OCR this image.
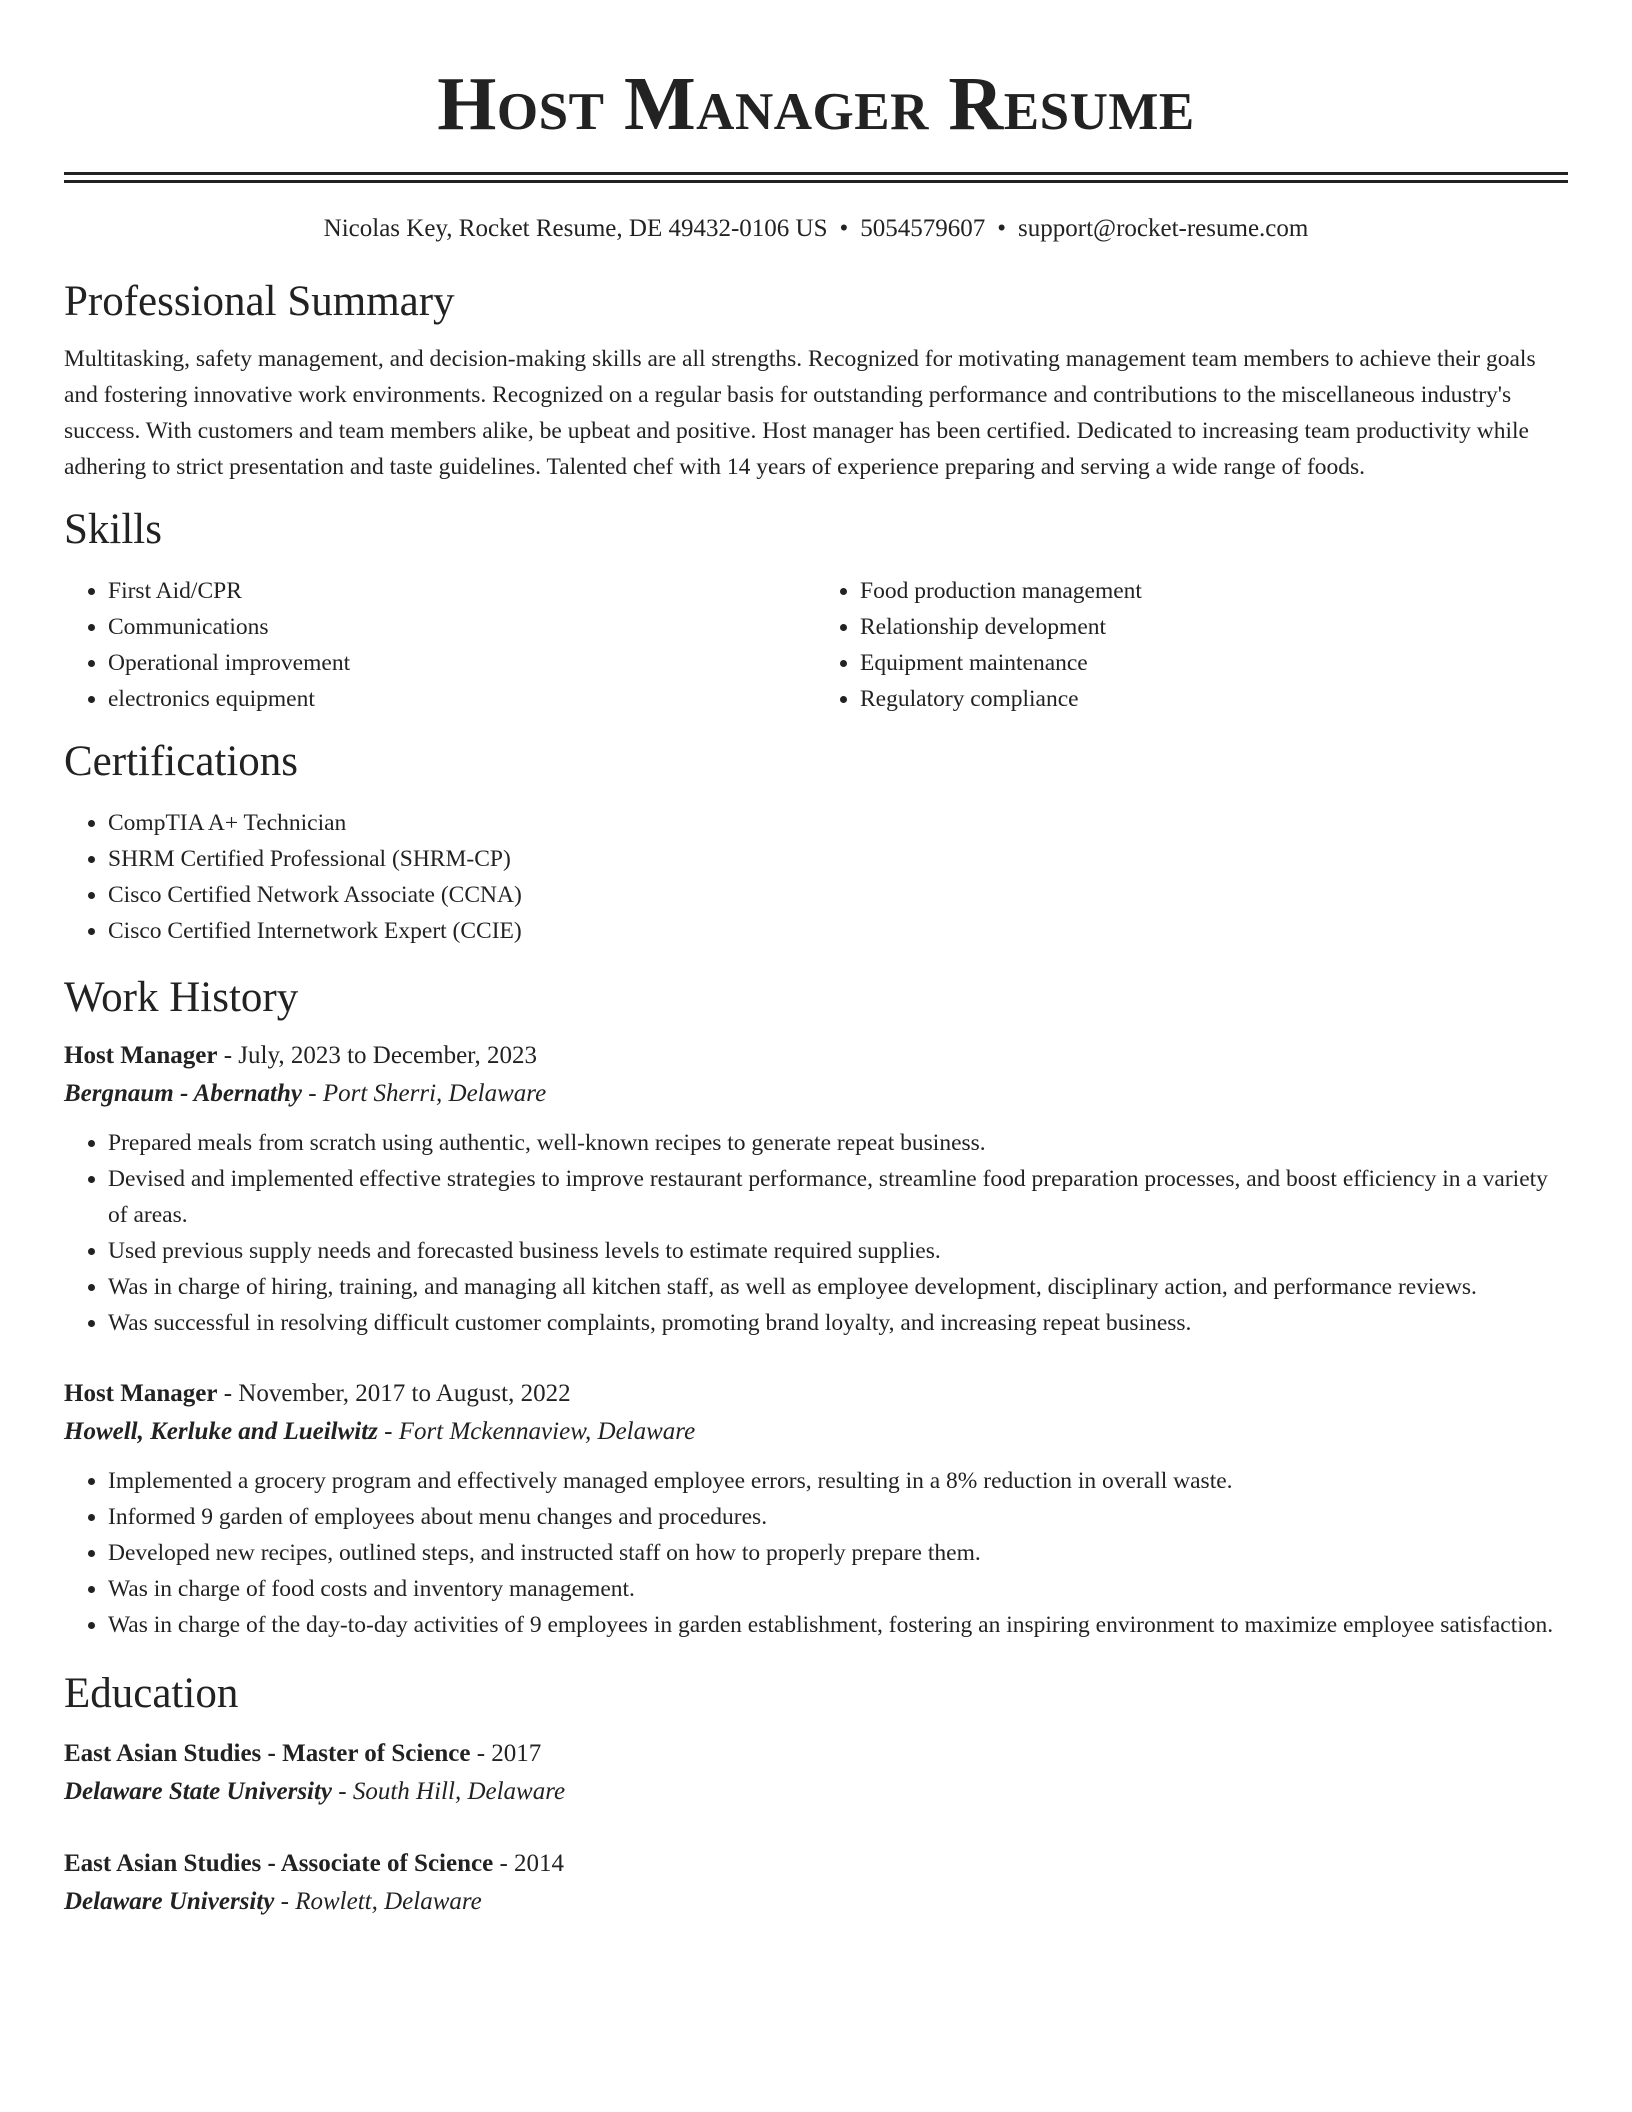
Host Manager Resume
Nicolas Key, Rocket Resume, DE 49432-0106 US • 5054579607 • support@rocket-resume.com
Professional Summary

Multitasking, safety management, and decision-making skills are all strengths. Recognized for motivating management team members to achieve their goals and fostering innovative work environments. Recognized on a regular basis for outstanding performance and contributions to the miscellaneous industry's success. With customers and team members alike, be upbeat and positive. Host manager has been certified. Dedicated to increasing team productivity while adhering to strict presentation and taste guidelines. Talented chef with 14 years of experience preparing and serving a wide range of foods.

Skills
• First Aid/CPR
• Communications
• Operational improvement
• electronics equipment
• Food production management
• Relationship development
• Equipment maintenance
• Regulatory compliance
Certifications
• CompTIA A+ Technician
• SHRM Certified Professional (SHRM-CP)
• Cisco Certified Network Associate (CCNA)
• Cisco Certified Internetwork Expert (CCIE)
Work History
Host Manager - July, 2023 to December, 2023
Bergnaum - Abernathy - Port Sherri, Delaware
• Prepared meals from scratch using authentic, well-known recipes to generate repeat business.
• Devised and implemented effective strategies to improve restaurant performance, streamline food preparation processes, and boost efficiency in a variety of areas.
• Used previous supply needs and forecasted business levels to estimate required supplies.
• Was in charge of hiring, training, and managing all kitchen staff, as well as employee development, disciplinary action, and performance reviews.
• Was successful in resolving difficult customer complaints, promoting brand loyalty, and increasing repeat business.
Host Manager - November, 2017 to August, 2022
Howell, Kerluke and Lueilwitz - Fort Mckennaview, Delaware
• Implemented a grocery program and effectively managed employee errors, resulting in a 8% reduction in overall waste.
• Informed 9 garden of employees about menu changes and procedures.
• Developed new recipes, outlined steps, and instructed staff on how to properly prepare them.
• Was in charge of food costs and inventory management.
• Was in charge of the day-to-day activities of 9 employees in garden establishment, fostering an inspiring environment to maximize employee satisfaction.
Education
East Asian Studies - Master of Science - 2017
Delaware State University - South Hill, Delaware
East Asian Studies - Associate of Science - 2014
Delaware University - Rowlett, Delaware
